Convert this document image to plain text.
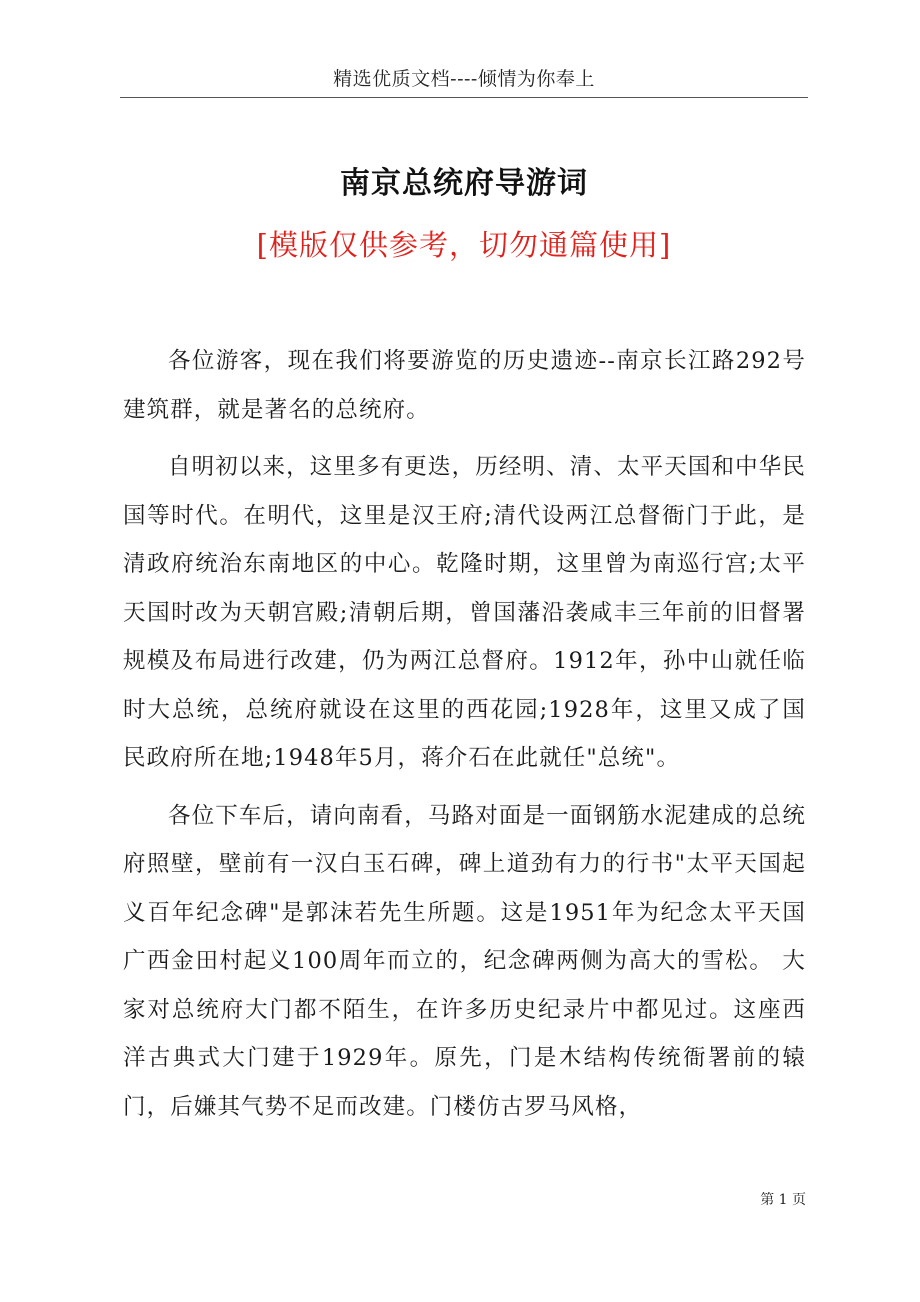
精选优质文档----倾情为你奉上
南京总统府导游词
[模版仅供参考，切勿通篇使用]

各位游客，现在我们将要游览的历史遗迹--南京长江路292号建筑群，就是著名的总统府。

自明初以来，这里多有更迭，历经明、清、太平天国和中华民国等时代。在明代，这里是汉王府;清代设两江总督衙门于此，是清政府统治东南地区的中心。乾隆时期，这里曾为南巡行宫;太平天国时改为天朝宫殿;清朝后期，曾国藩沿袭咸丰三年前的旧督署规模及布局进行改建，仍为两江总督府。1912年，孙中山就任临时大总统，总统府就设在这里的西花园;1928年，这里又成了国民政府所在地;1948年5月，蒋介石在此就任"总统"。

各位下车后，请向南看，马路对面是一面钢筋水泥建成的总统府照壁，壁前有一汉白玉石碑，碑上道劲有力的行书"太平天国起义百年纪念碑"是郭沫若先生所题。这是1951年为纪念太平天国广西金田村起义100周年而立的，纪念碑两侧为高大的雪松。 大家对总统府大门都不陌生，在许多历史纪录片中都见过。这座西洋古典式大门建于1929年。原先，门是木结构传统衙署前的辕门，后嫌其气势不足而改建。门楼仿古罗马风格，

第 1 页
